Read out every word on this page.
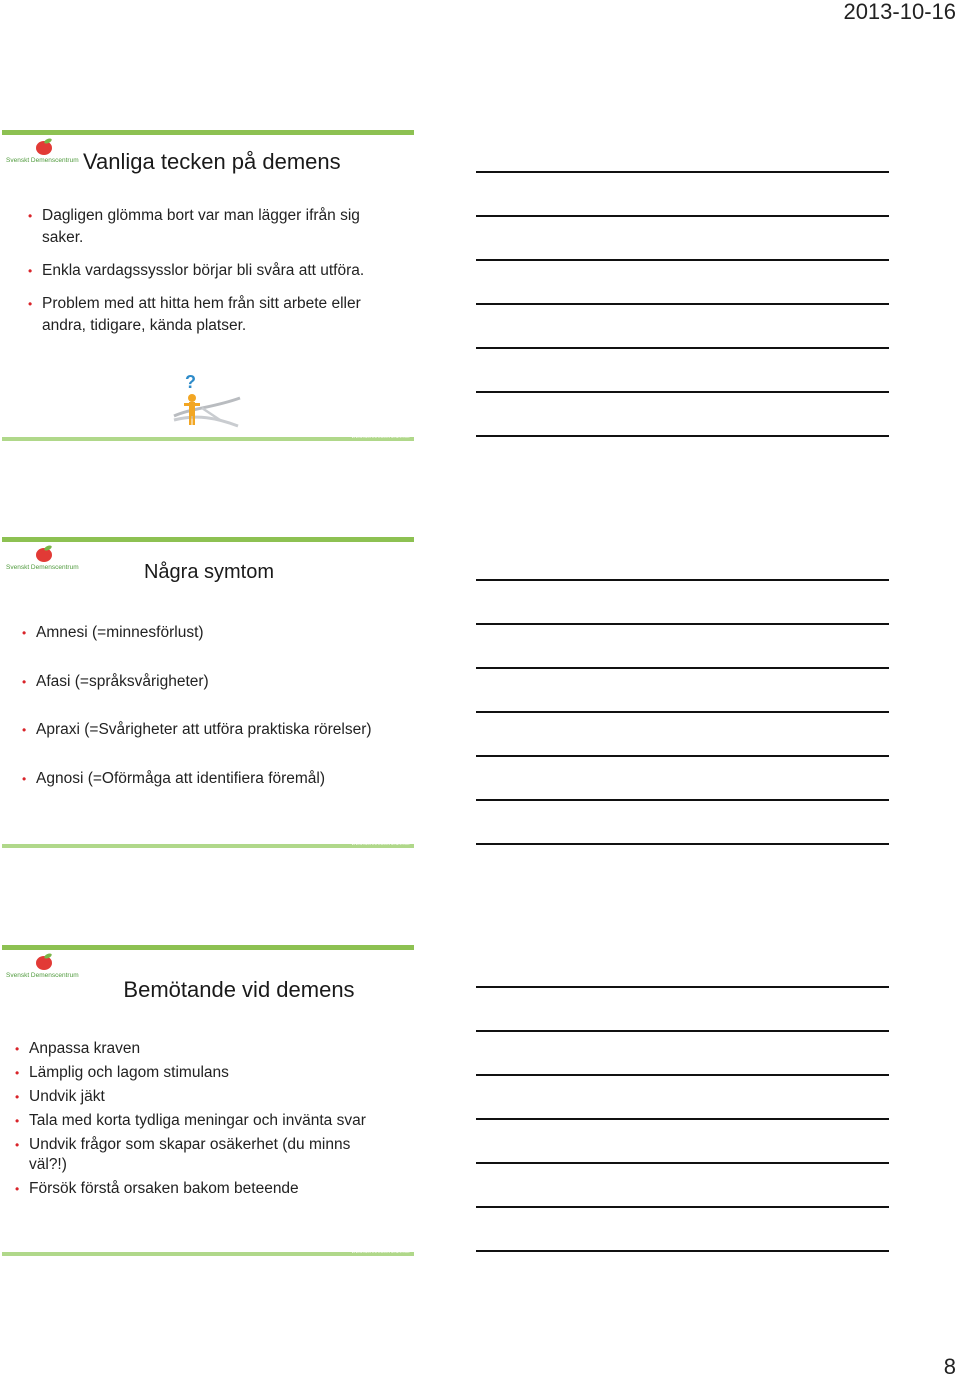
2013-10-16
Svenskt Demenscentrum Vanliga tecken på demens
• Dagligen glömma bort var man lägger ifrån sig saker.
• Enkla vardagssysslor börjar bli svåra att utföra.
• Problem med att hitta hem från sitt arbete eller andra, tidigare, kända platser.
?
www.demenscentrum.se
Svenskt Demenscentrum	Några symtom
• Amnesi (=minnesförlust)
• Afasi (=språksvårigheter)
• Apraxi (=Svårigheter att utföra praktiska rörelser)
• Agnosi (=Oförmåga att identifiera föremål)
www.demenscentrum.se
Svenskt Demenscentrum
Bemötande vid demens
• Anpassa kraven
• Lämplig och lagom stimulans
• Undvik jäkt
• Tala med korta tydliga meningar och invänta svar
• Undvik frågor som skapar osäkerhet (du minns väl?!)
• Försök förstå orsaken bakom beteende
www.demenscentrum.se
8
